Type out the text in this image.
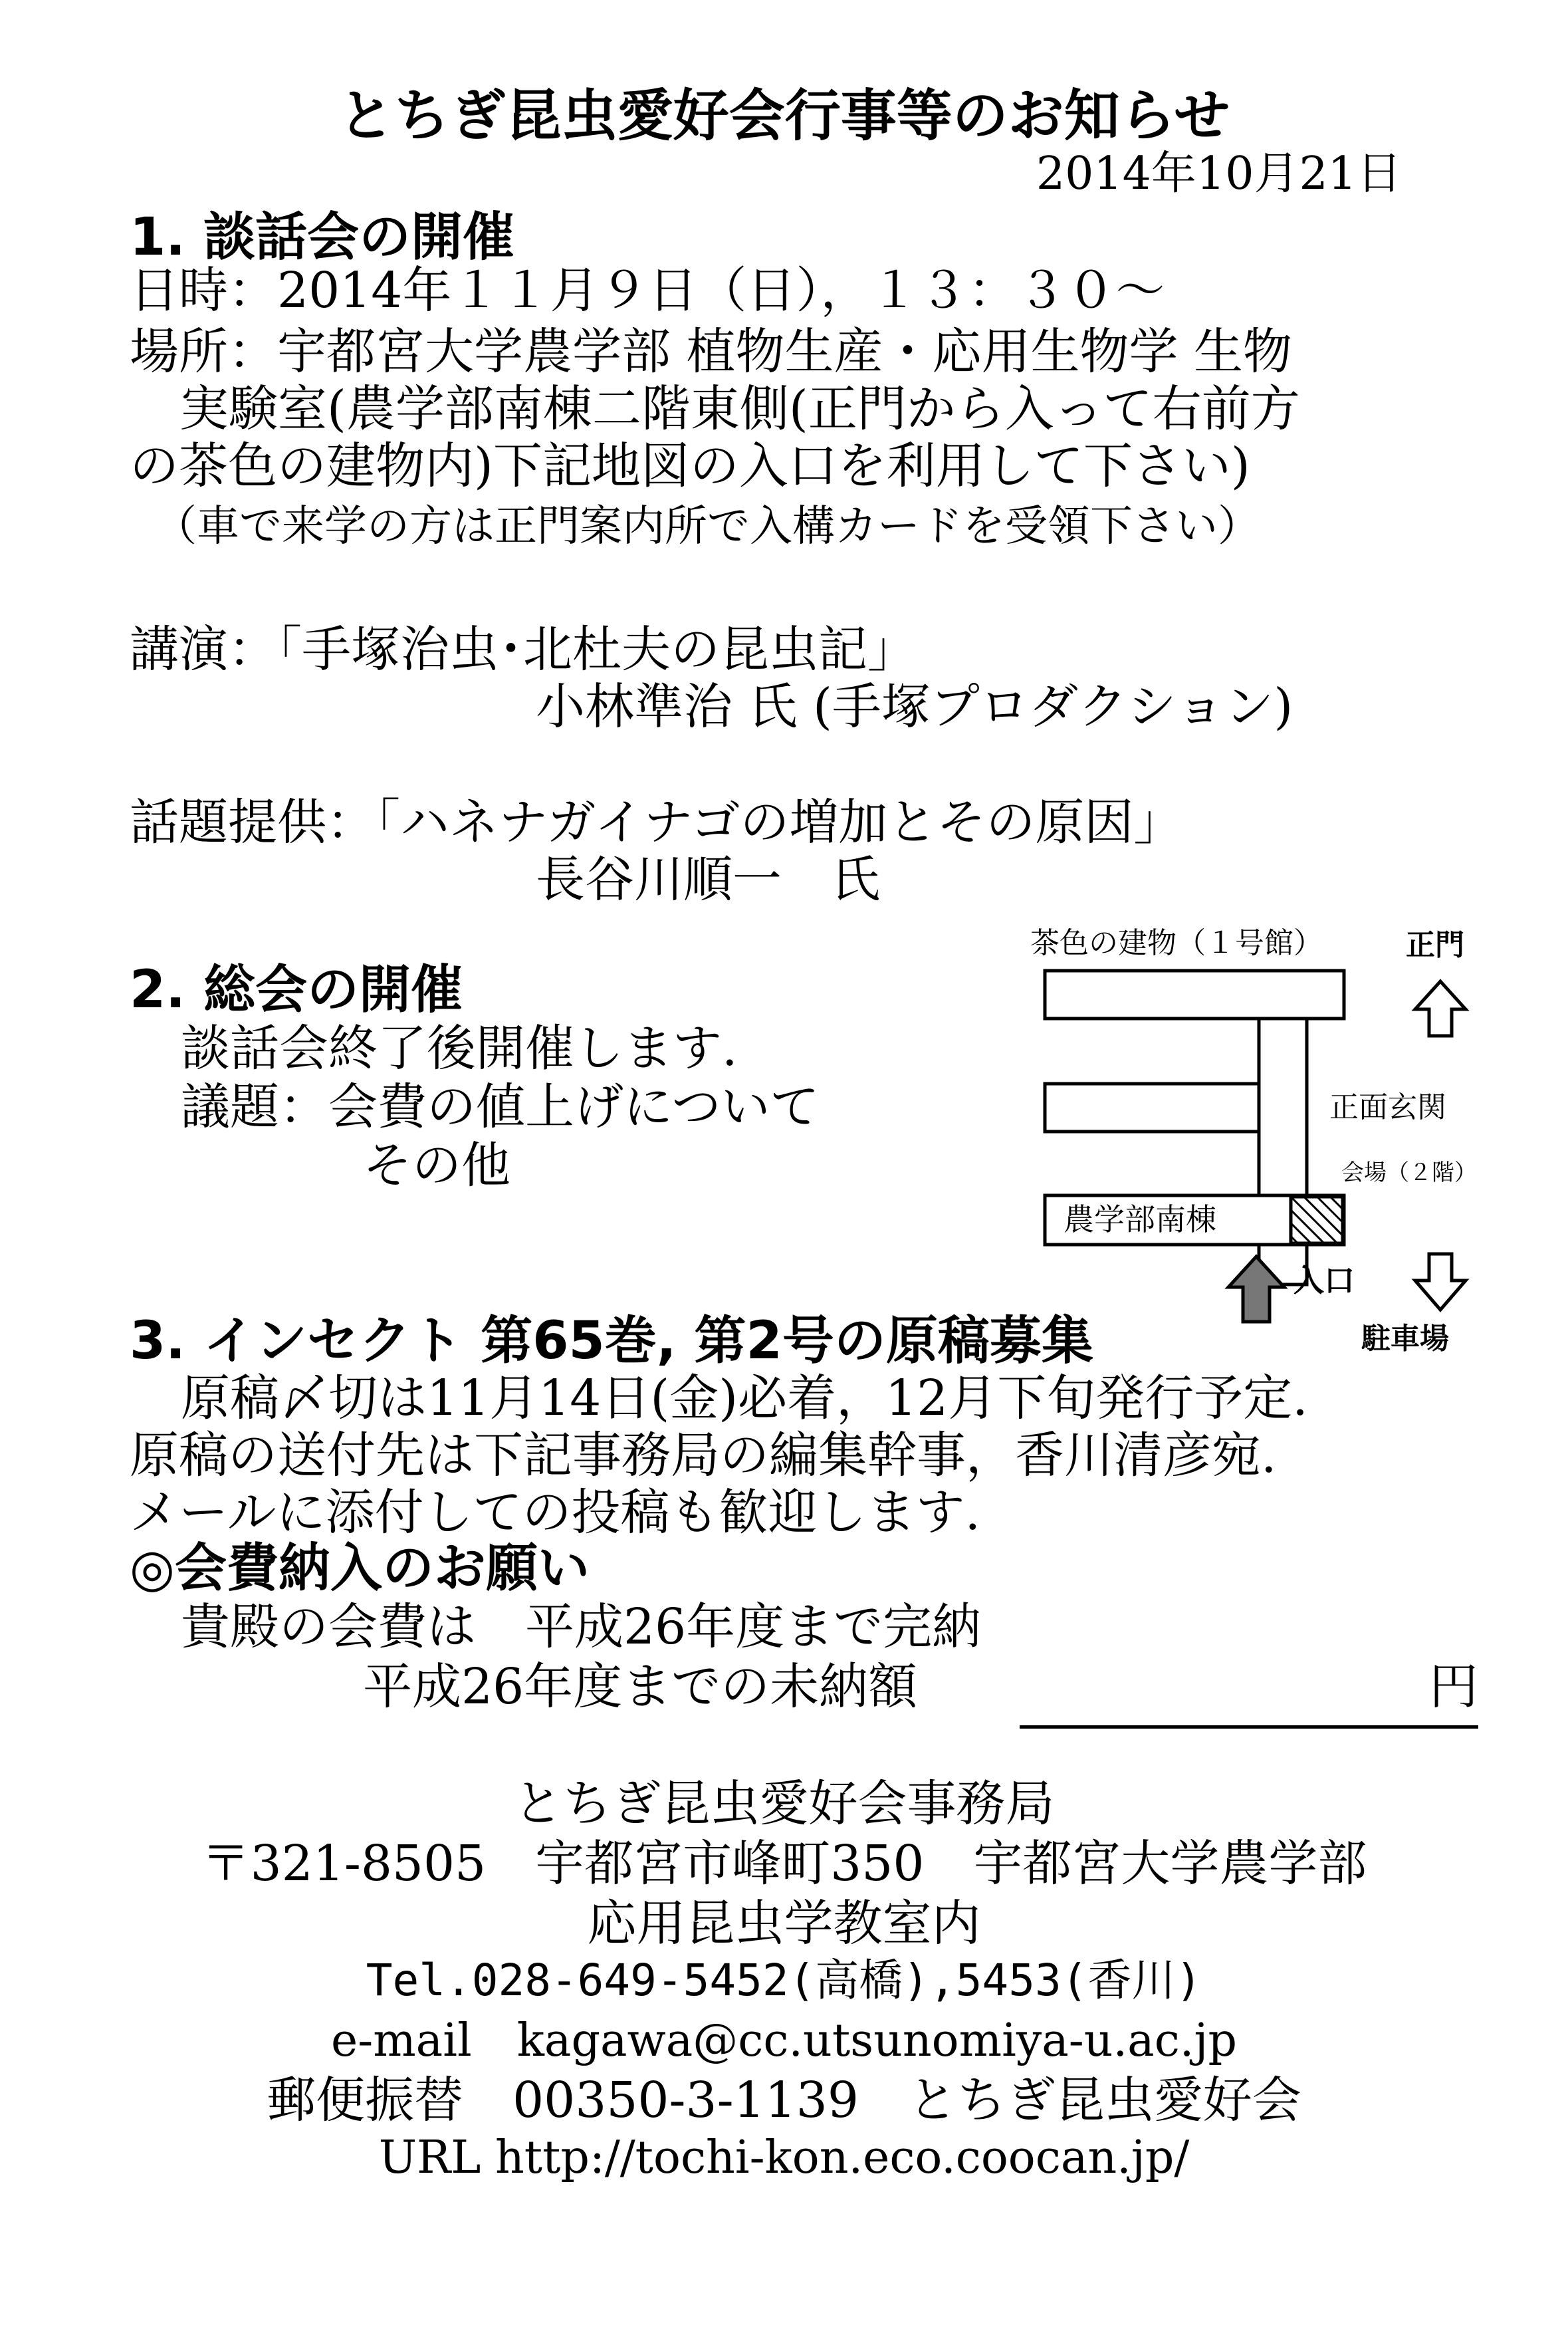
とちぎ昆虫愛好会行事等のお知らせ
2014年10月21日
1. 談話会の開催
日時：2014年１１月９日（日），１３：３０～
場所：宇都宮大学農学部 植物生産・応用生物学 生物
実験室(農学部南棟二階東側(正門から入って右前方
の茶色の建物内)下記地図の入口を利用して下さい)
（車で来学の方は正門案内所で入構カードを受領下さい）
講演：「手塚治虫･北杜夫の昆虫記」
小林準治 氏 (手塚プロダクション)
話題提供：「ハネナガイナゴの増加とその原因」
長谷川順一　氏
2. 総会の開催
談話会終了後開催します.
議題：会費の値上げについて
その他
茶色の建物（１号館）	正門
農学部南棟
正面玄関
会場（２階）
入口
駐車場
3. インセクト 第65巻, 第2号の原稿募集
原稿〆切は11月14日(金)必着，12月下旬発行予定.
原稿の送付先は下記事務局の編集幹事，香川清彦宛.
メールに添付しての投稿も歓迎します.
◎会費納入のお願い
貴殿の会費は　平成26年度まで完納
平成26年度までの未納額	円
とちぎ昆虫愛好会事務局
〒321-8505　宇都宮市峰町350　宇都宮大学農学部
応用昆虫学教室内
Tel.028-649-5452(高橋),5453(香川)
e-mail　kagawa@cc.utsunomiya-u.ac.jp
郵便振替　00350-3-1139　とちぎ昆虫愛好会
URL http://tochi-kon.eco.coocan.jp/
